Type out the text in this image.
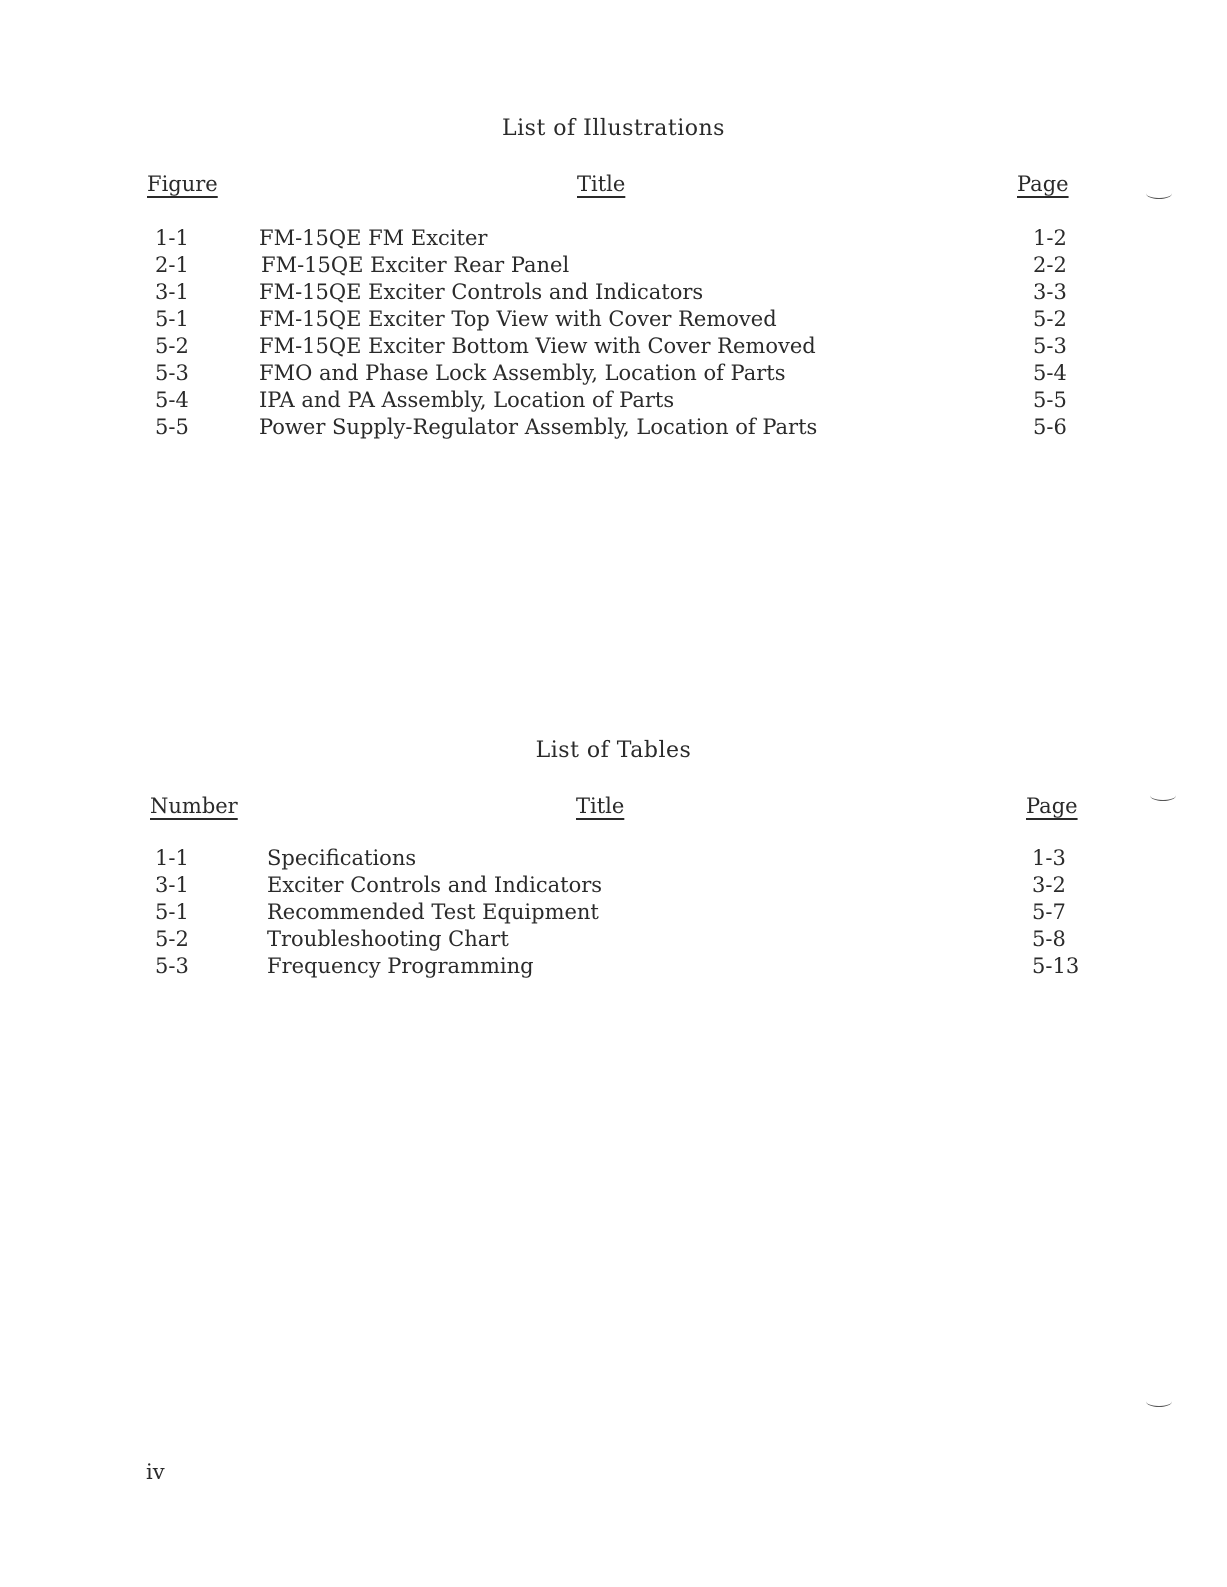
List of Illustrations
Figure	Title	Page
1-1	FM-15QE FM Exciter	1-2
2-1	FM-15QE Exciter Rear Panel	2-2
3-1	FM-15QE Exciter Controls and Indicators	3-3
5-1	FM-15QE Exciter Top View with Cover Removed	5-2
5-2	FM-15QE Exciter Bottom View with Cover Removed	5-3
5-3	FMO and Phase Lock Assembly, Location of Parts	5-4
5-4	IPA and PA Assembly, Location of Parts	5-5
5-5	Power Supply-Regulator Assembly, Location of Parts	5-6
List of Tables
Number	Title	Page
1-1	Specifications	1-3
3-1	Exciter Controls and Indicators	3-2
5-1	Recommended Test Equipment	5-7
5-2	Troubleshooting Chart	5-8
5-3	Frequency Programming	5-13
iv
